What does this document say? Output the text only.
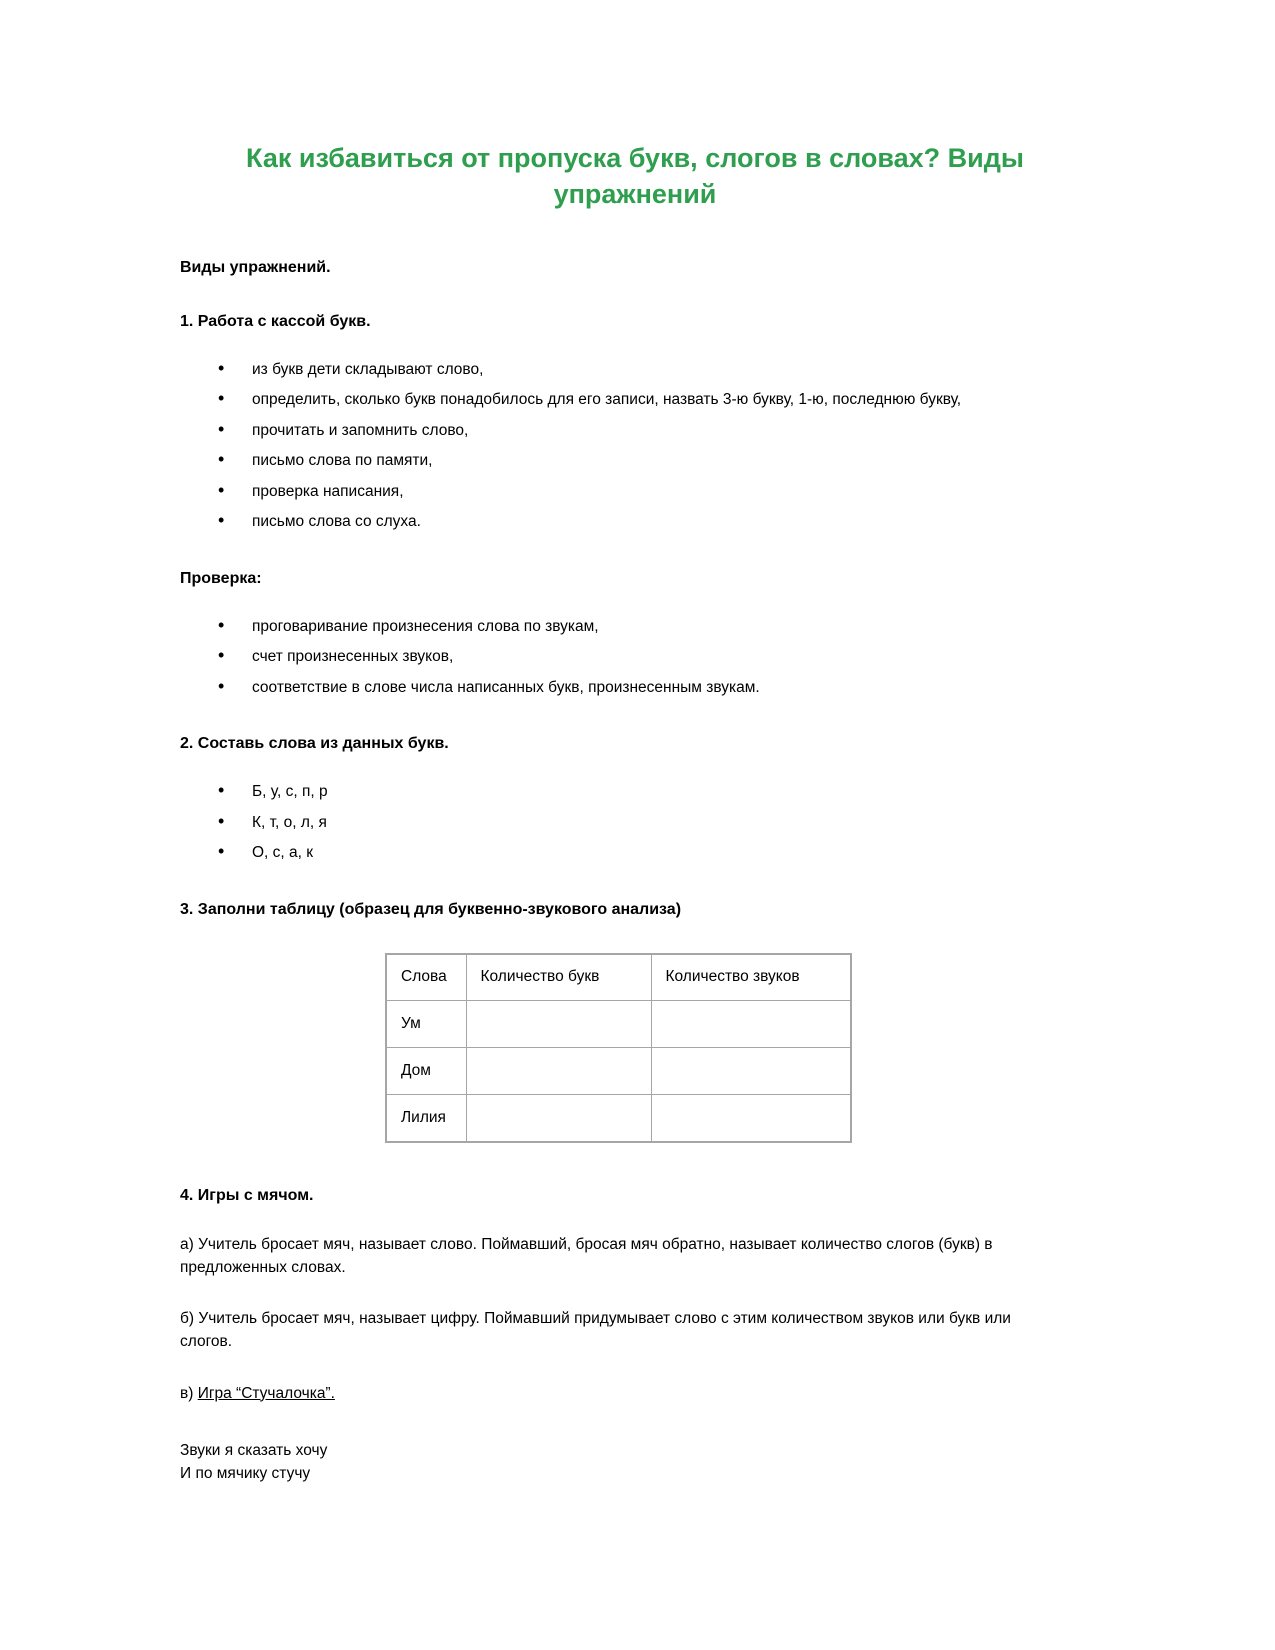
Как избавиться от пропуска букв, слогов в словах? Виды упражнений

Виды упражнений.

1. Работа с кассой букв.

• из букв дети складывают слово,
• определить, сколько букв понадобилось для его записи, назвать 3-ю букву, 1-ю, последнюю букву,
• прочитать и запомнить слово,
• письмо слова по памяти,
• проверка написания,
• письмо слова со слуха.

Проверка:

• проговаривание произнесения слова по звукам,
• счет произнесенных звуков,
• соответствие в слове числа написанных букв, произнесенным звукам.

2. Составь слова из данных букв.

• Б, у, с, п, р
• К, т, о, л, я
• О, с, а, к

3. Заполни таблицу (образец для буквенно-звукового анализа)

Слова	Количество букв	Количество звуков
Ум		
Дом		
Лилия		

4. Игры с мячом.

а) Учитель бросает мяч, называет слово. Поймавший, бросая мяч обратно, называет количество слогов (букв) в предложенных словах.

б) Учитель бросает мяч, называет цифру. Поймавший придумывает слово с этим количеством звуков или букв или слогов.

в) Игра “Стучалочка”.

Звуки я сказать хочу

И по мячику стучу
